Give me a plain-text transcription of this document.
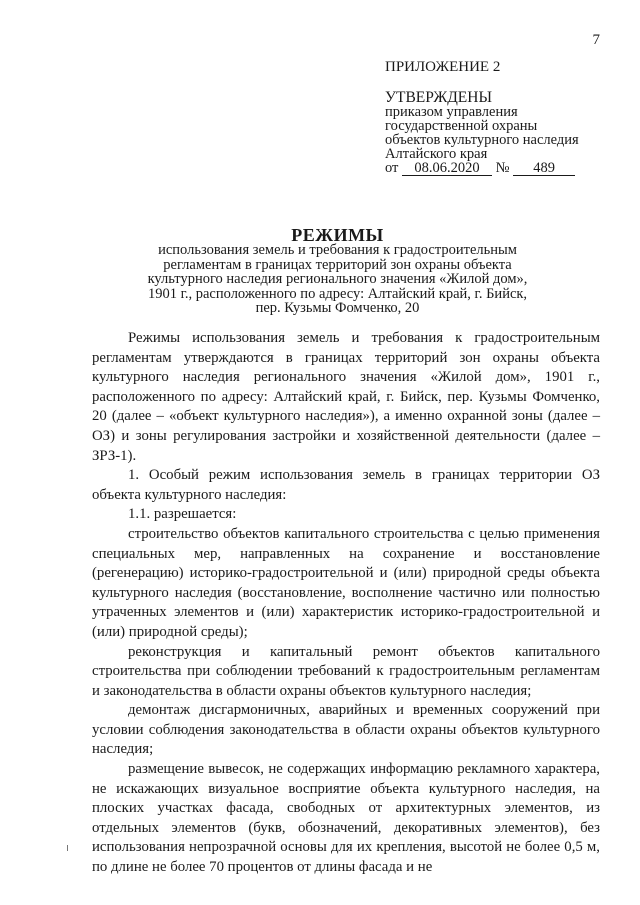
7
ПРИЛОЖЕНИЕ 2
УТВЕРЖДЕНЫ
приказом управления
государственной охраны
объектов культурного наследия
Алтайского края
от 08.06.2020 № 489
РЕЖИМЫ
использования земель и требования к градостроительным
регламентам в границах территорий зон охраны объекта
культурного наследия регионального значения «Жилой дом»,
1901 г., расположенного по адресу: Алтайский край, г. Бийск,
пер. Кузьмы Фомченко, 20

Режимы использования земель и требования к градостроительным регламентам утверждаются в границах территорий зон охраны объекта культурного наследия регионального значения «Жилой дом», 1901 г., расположенного по адресу: Алтайский край, г. Бийск, пер. Кузьмы Фомченко, 20 (далее – «объект культурного наследия»), а именно охранной зоны (далее – ОЗ) и зоны регулирования застройки и хозяйственной деятельности (далее – ЗРЗ-1).

1. Особый режим использования земель в границах территории ОЗ объекта культурного наследия:

1.1. разрешается:

строительство объектов капитального строительства с целью применения специальных мер, направленных на сохранение и восстановление (регенерацию) историко-градостроительной и (или) природной среды объекта культурного наследия (восстановление, восполнение частично или полностью утраченных элементов и (или) характеристик историко-градостроительной и (или) природной среды);

реконструкция и капитальный ремонт объектов капитального строительства при соблюдении требований к градостроительным регламентам и законодательства в области охраны объектов культурного наследия;

демонтаж дисгармоничных, аварийных и временных сооружений при условии соблюдения законодательства в области охраны объектов культурного наследия;

размещение вывесок, не содержащих информацию рекламного характера, не искажающих визуальное восприятие объекта культурного наследия, на плоских участках фасада, свободных от архитектурных элементов, из отдельных элементов (букв, обозначений, декоративных элементов), без использования непрозрачной основы для их крепления, высотой не более 0,5 м, по длине не более 70 процентов от длины фасада и не
